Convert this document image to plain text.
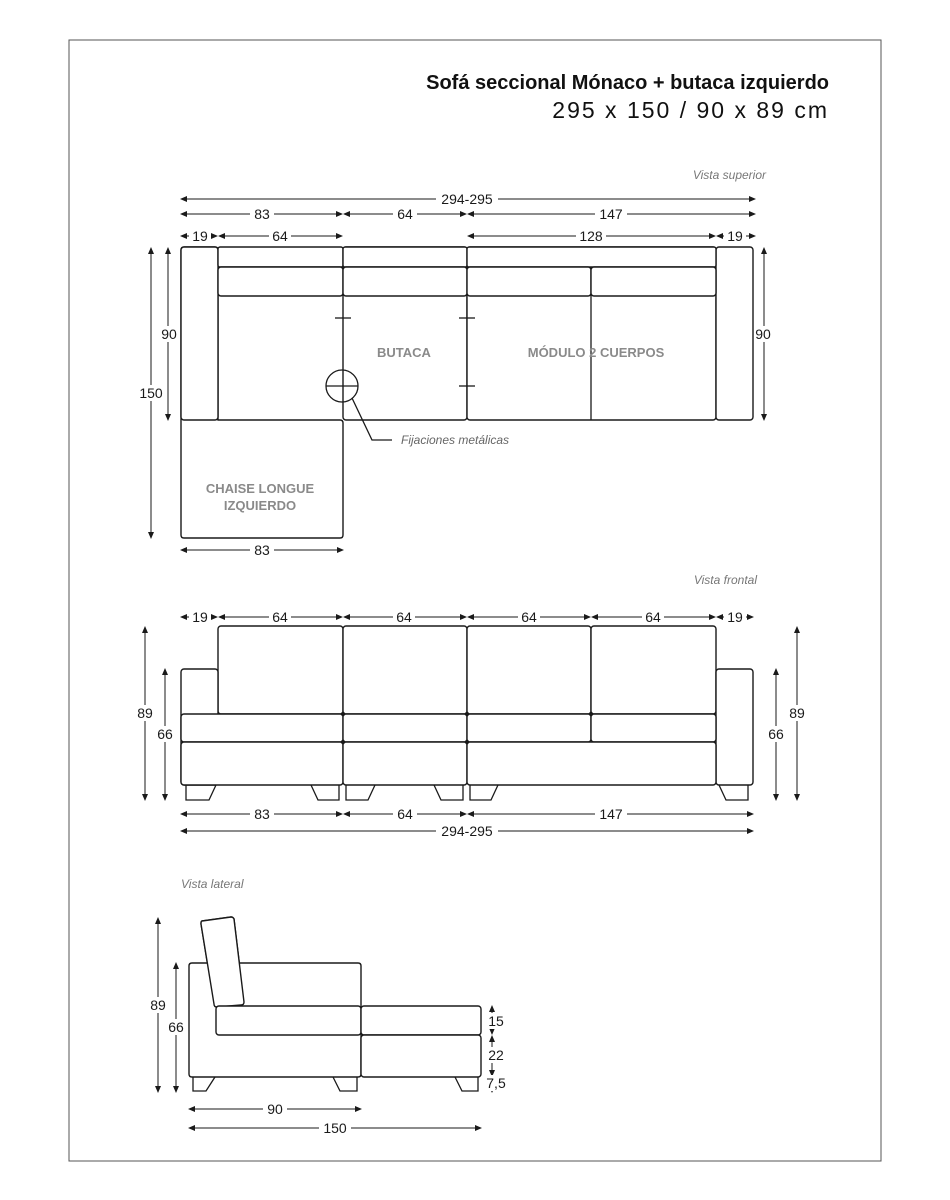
Sofá seccional Mónaco + butaca izquierdo
295 x 150 / 90 x 89 cm
Vista superior
294-295
83	64	147
19	64	128	19
150
90	90
BUTACA	MÓDULO 2 CUERPOS
CHAISE LONGUE
IZQUIERDO
Fijaciones metálicas
83
Vista frontal
19	64	64	64	64	19
89
66	66
89
83	64	147
294-295
Vista lateral
89
66	15
22
7,5
90
150
